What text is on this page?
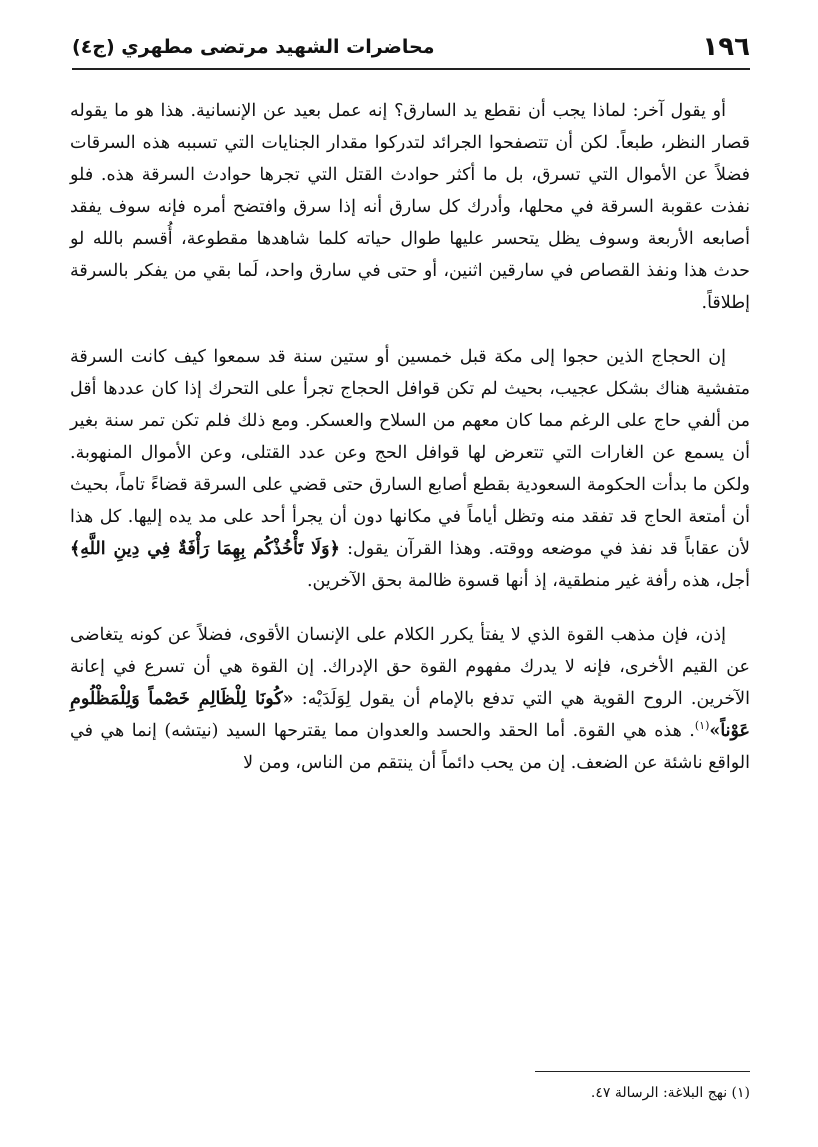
١٩٦
محاضرات الشهيد مرتضى مطهري (ج٤)

أو يقول آخر: لماذا يجب أن نقطع يد السارق؟ إنه عمل بعيد عن الإنسانية. هذا هو ما يقوله قصار النظر، طبعاً. لكن أن تتصفحوا الجرائد لتدركوا مقدار الجنايات التي تسببه هذه السرقات فضلاً عن الأموال التي تسرق، بل ما أكثر حوادث القتل التي تجرها حوادث السرقة هذه. فلو نفذت عقوبة السرقة في محلها، وأدرك كل سارق أنه إذا سرق وافتضح أمره فإنه سوف يفقد أصابعه الأربعة وسوف يظل يتحسر عليها طوال حياته كلما شاهدها مقطوعة، أُقسم بالله لو حدث هذا ونفذ القصاص في سارقين اثنين، أو حتى في سارق واحد، لَما بقي من يفكر بالسرقة إطلاقاً.

إن الحجاج الذين حجوا إلى مكة قبل خمسين أو ستين سنة قد سمعوا كيف كانت السرقة متفشية هناك بشكل عجيب، بحيث لم تكن قوافل الحجاج تجرأ على التحرك إذا كان عددها أقل من ألفي حاج على الرغم مما كان معهم من السلاح والعسكر. ومع ذلك فلم تكن تمر سنة بغير أن يسمع عن الغارات التي تتعرض لها قوافل الحج وعن عدد القتلى، وعن الأموال المنهوبة. ولكن ما بدأت الحكومة السعودية بقطع أصابع السارق حتى قضي على السرقة قضاءً تاماً، بحيث أن أمتعة الحاج قد تفقد منه وتظل أياماً في مكانها دون أن يجرأ أحد على مد يده إليها. كل هذا لأن عقاباً قد نفذ في موضعه ووقته. وهذا القرآن يقول: ﴿وَلَا تَأْخُذْكُم بِهِمَا رَأْفَةٌ فِي دِينِ اللَّهِ﴾ أجل، هذه رأفة غير منطقية، إذ أنها قسوة ظالمة بحق الآخرين.

إذن، فإن مذهب القوة الذي لا يفتأ يكرر الكلام على الإنسان الأقوى، فضلاً عن كونه يتغاضى عن القيم الأخرى، فإنه لا يدرك مفهوم القوة حق الإدراك. إن القوة هي أن تسرع في إعانة الآخرين. الروح القوية هي التي تدفع بالإمام أن يقول لِوَلَدَيْه: «كُونَا لِلْظَالِمِ خَصْماً وَلِلْمَظْلُومِ عَوْناً»$^{(١)}$. هذه هي القوة. أما الحقد والحسد والعدوان مما يقترحها السيد (نيتشه) إنما هي في الواقع ناشئة عن الضعف. إن من يحب دائماً أن ينتقم من الناس، ومن لا

(١) نهج البلاغة: الرسالة ٤٧.
